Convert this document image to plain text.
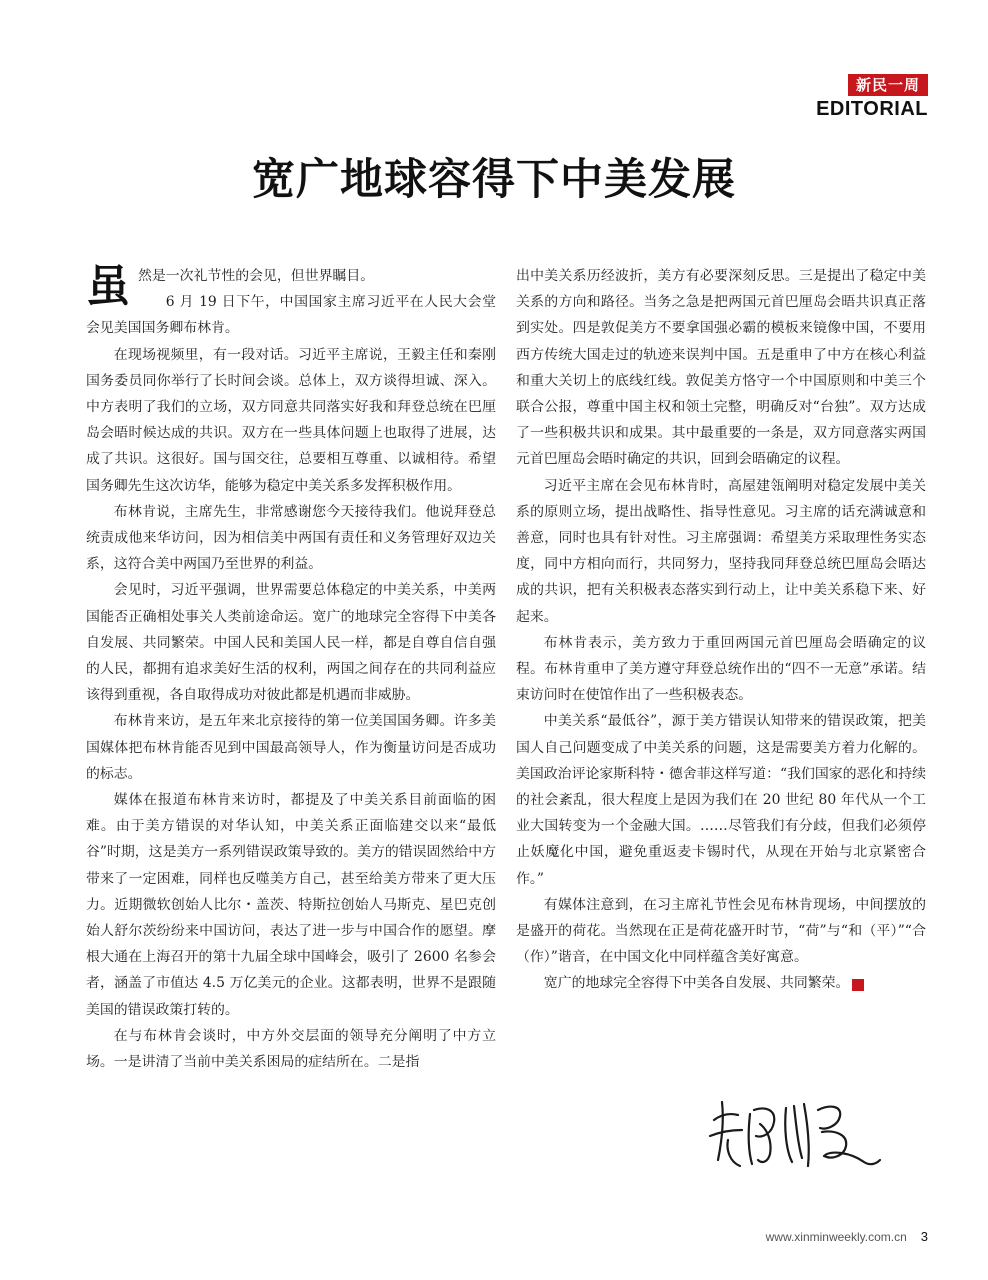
新民一周
EDITORIAL
宽广地球容得下中美发展

虽然是一次礼节性的会见，但世界瞩目。

6 月 19 日下午，中国国家主席习近平在人民大会堂会见美国国务卿布林肯。

在现场视频里，有一段对话。习近平主席说，王毅主任和秦刚国务委员同你举行了长时间会谈。总体上，双方谈得坦诚、深入。中方表明了我们的立场，双方同意共同落实好我和拜登总统在巴厘岛会晤时候达成的共识。双方在一些具体问题上也取得了进展，达成了共识。这很好。国与国交往，总要相互尊重、以诚相待。希望国务卿先生这次访华，能够为稳定中美关系多发挥积极作用。

布林肯说，主席先生，非常感谢您今天接待我们。他说拜登总统责成他来华访问，因为相信美中两国有责任和义务管理好双边关系，这符合美中两国乃至世界的利益。

会见时，习近平强调，世界需要总体稳定的中美关系，中美两国能否正确相处事关人类前途命运。宽广的地球完全容得下中美各自发展、共同繁荣。中国人民和美国人民一样，都是自尊自信自强的人民，都拥有追求美好生活的权利，两国之间存在的共同利益应该得到重视，各自取得成功对彼此都是机遇而非威胁。

布林肯来访，是五年来北京接待的第一位美国国务卿。许多美国媒体把布林肯能否见到中国最高领导人，作为衡量访问是否成功的标志。

媒体在报道布林肯来访时，都提及了中美关系目前面临的困难。由于美方错误的对华认知，中美关系正面临建交以来“最低谷”时期，这是美方一系列错误政策导致的。美方的错误固然给中方带来了一定困难，同样也反噬美方自己，甚至给美方带来了更大压力。近期微软创始人比尔・盖茨、特斯拉创始人马斯克、星巴克创始人舒尔茨纷纷来中国访问，表达了进一步与中国合作的愿望。摩根大通在上海召开的第十九届全球中国峰会，吸引了 2600 名参会者，涵盖了市值达 4.5 万亿美元的企业。这都表明，世界不是跟随美国的错误政策打转的。

在与布林肯会谈时，中方外交层面的领导充分阐明了中方立场。一是讲清了当前中美关系困局的症结所在。二是指

出中美关系历经波折，美方有必要深刻反思。三是提出了稳定中美关系的方向和路径。当务之急是把两国元首巴厘岛会晤共识真正落到实处。四是敦促美方不要拿国强必霸的模板来镜像中国，不要用西方传统大国走过的轨迹来误判中国。五是重申了中方在核心利益和重大关切上的底线红线。敦促美方恪守一个中国原则和中美三个联合公报，尊重中国主权和领土完整，明确反对“台独”。双方达成了一些积极共识和成果。其中最重要的一条是，双方同意落实两国元首巴厘岛会晤时确定的共识，回到会晤确定的议程。

习近平主席在会见布林肯时，高屋建瓴阐明对稳定发展中美关系的原则立场，提出战略性、指导性意见。习主席的话充满诚意和善意，同时也具有针对性。习主席强调：希望美方采取理性务实态度，同中方相向而行，共同努力，坚持我同拜登总统巴厘岛会晤达成的共识，把有关积极表态落实到行动上，让中美关系稳下来、好起来。

布林肯表示，美方致力于重回两国元首巴厘岛会晤确定的议程。布林肯重申了美方遵守拜登总统作出的“四不一无意”承诺。结束访问时在使馆作出了一些积极表态。

中美关系“最低谷”，源于美方错误认知带来的错误政策，把美国人自己问题变成了中美关系的问题，这是需要美方着力化解的。美国政治评论家斯科特・德舍菲这样写道：“我们国家的恶化和持续的社会紊乱，很大程度上是因为我们在 20 世纪 80 年代从一个工业大国转变为一个金融大国。……尽管我们有分歧，但我们必须停止妖魔化中国，避免重返麦卡锡时代，从现在开始与北京紧密合作。”

有媒体注意到，在习主席礼节性会见布林肯现场，中间摆放的是盛开的荷花。当然现在正是荷花盛开时节，“荷”与“和（平）”“合（作）”谐音，在中国文化中同样蕴含美好寓意。

宽广的地球完全容得下中美各自发展、共同繁荣。	民

www.xinminweekly.com.cn 3
